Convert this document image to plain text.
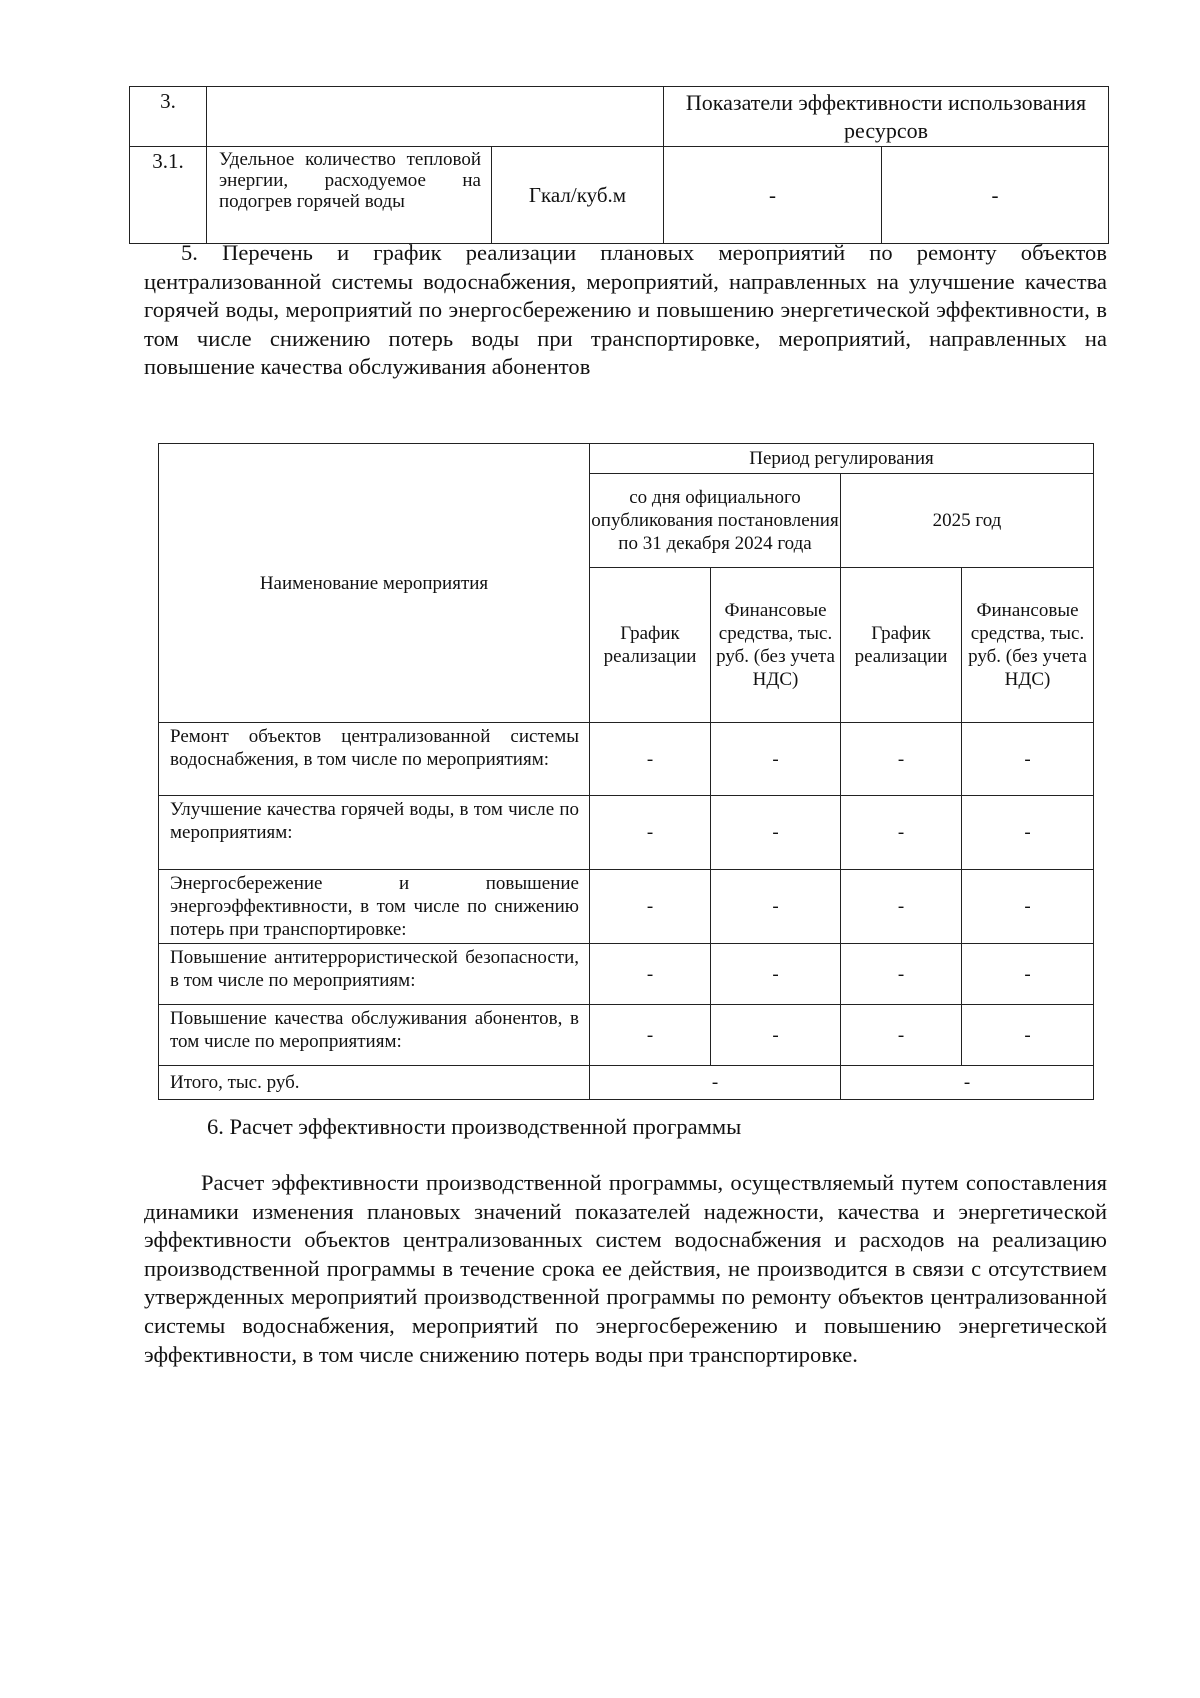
3.			Показатели эффективности использования ресурсов	
3.1.	Удельное количество тепловой энергии, расходуемое на подогрев горячей воды	Гкал/куб.м	-	-

5. Перечень и график реализации плановых мероприятий по ремонту объектов централизованной системы водоснабжения, мероприятий, направленных на улучшение качества горячей воды, мероприятий по энергосбережению и повышению энергетической эффективности, в том числе снижению потерь воды при транспортировке, мероприятий, направленных на повышение качества обслуживания абонентов

Наименование мероприятия	Период регулирования			
	со дня официального опубликования постановления по 31 декабря 2024 года		2025 год	
	График реализации	Финансовые средства, тыс. руб. (без учета НДС)	График реализации	Финансовые средства, тыс. руб. (без учета НДС)
Ремонт объектов централизованной системы водоснабжения, в том числе по мероприятиям:	-	-	-	-
Улучшение качества горячей воды, в том числе по мероприятиям:	-	-	-	-
Энергосбережение и повышение энергоэффективности, в том числе по снижению потерь при транспортировке:	-	-	-	-
Повышение антитеррористической безопасности, в том числе по мероприятиям:	-	-	-	-
Повышение качества обслуживания абонентов, в том числе по мероприятиям:	-	-	-	-
Итого, тыс. руб.	-		-	

6. Расчет эффективности производственной программы

Расчет эффективности производственной программы, осуществляемый путем сопоставления динамики изменения плановых значений показателей надежности, качества и энергетической эффективности объектов централизованных систем водоснабжения и расходов на реализацию производственной программы в течение срока ее действия, не производится в связи с отсутствием утвержденных мероприятий производственной программы по ремонту объектов централизованной системы водоснабжения, мероприятий по энергосбережению и повышению энергетической эффективности, в том числе снижению потерь воды при транспортировке.
